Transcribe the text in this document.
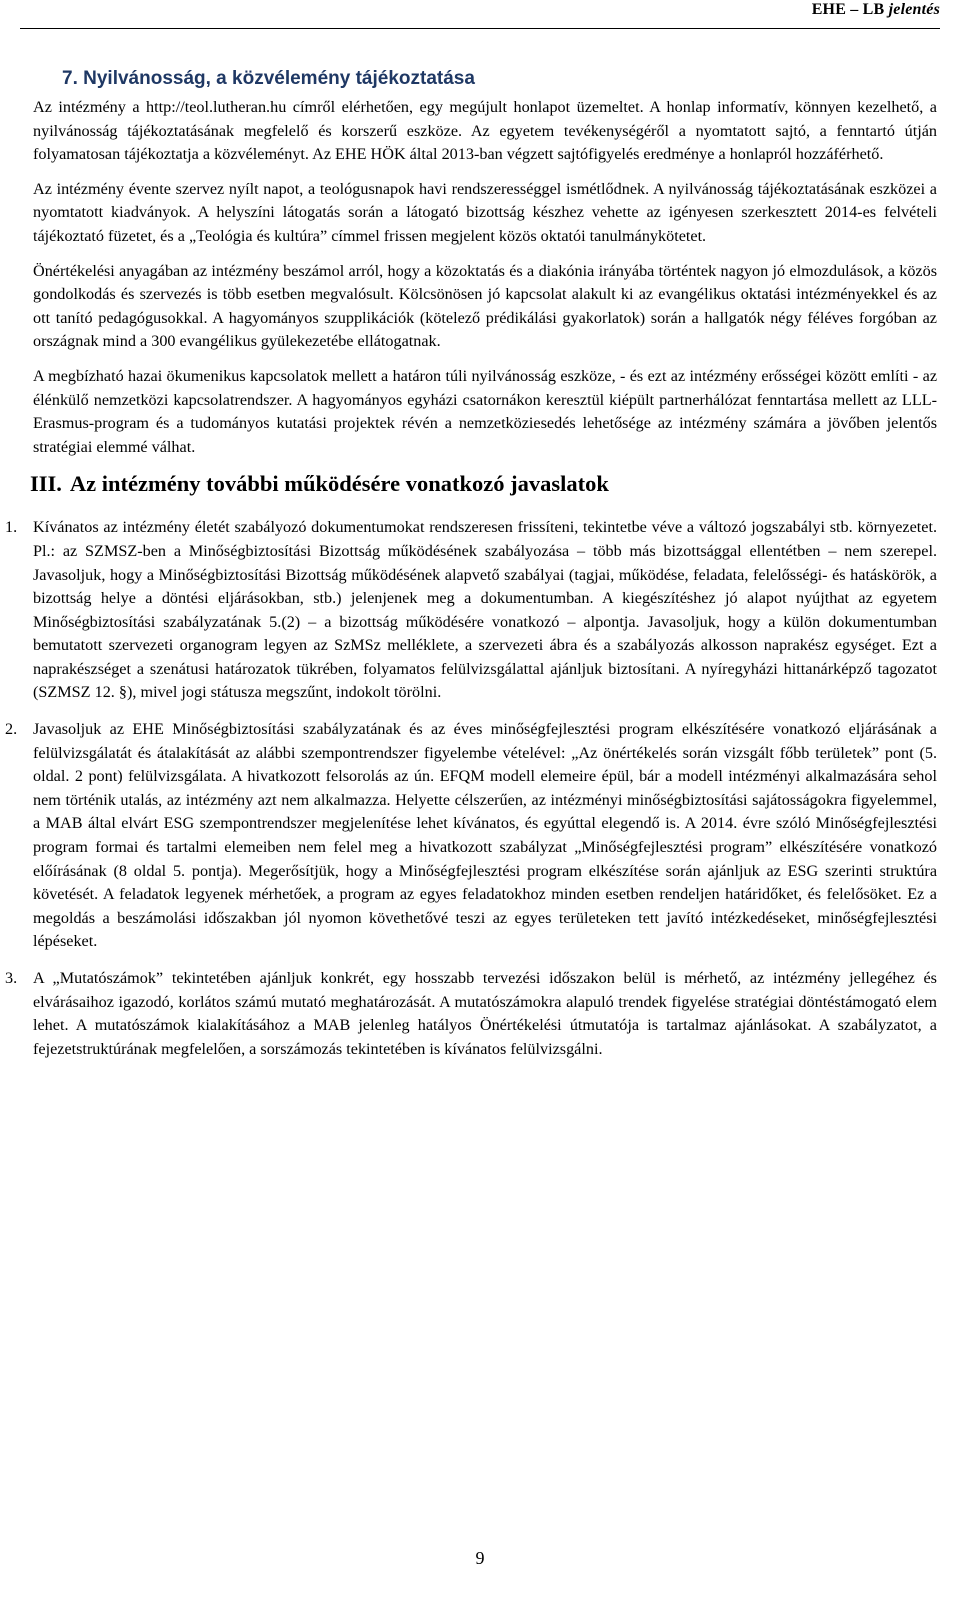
EHE – LB jelentés
7. Nyilvánosság, a közvélemény tájékoztatása

Az intézmény a http://teol.lutheran.hu címről elérhetően, egy megújult honlapot üzemeltet. A honlap informatív, könnyen kezelhető, a nyilvánosság tájékoztatásának megfelelő és korszerű eszköze. Az egyetem tevékenységéről a nyomtatott sajtó, a fenntartó útján folyamatosan tájékoztatja a közvéleményt. Az EHE HÖK által 2013-ban végzett sajtófigyelés eredménye a honlapról hozzáférhető.

Az intézmény évente szervez nyílt napot, a teológusnapok havi rendszerességgel ismétlődnek. A nyilvánosság tájékoztatásának eszközei a nyomtatott kiadványok. A helyszíni látogatás során a látogató bizottság készhez vehette az igényesen szerkesztett 2014-es felvételi tájékoztató füzetet, és a „Teológia és kultúra” címmel frissen megjelent közös oktatói tanulmánykötetet.

Önértékelési anyagában az intézmény beszámol arról, hogy a közoktatás és a diakónia irányába történtek nagyon jó elmozdulások, a közös gondolkodás és szervezés is több esetben megvalósult. Kölcsönösen jó kapcsolat alakult ki az evangélikus oktatási intézményekkel és az ott tanító pedagógusokkal. A hagyományos szupplikációk (kötelező prédikálási gyakorlatok) során a hallgatók négy féléves forgóban az országnak mind a 300 evangélikus gyülekezetébe ellátogatnak.

A megbízható hazai ökumenikus kapcsolatok mellett a határon túli nyilvánosság eszköze, - és ezt az intézmény erősségei között említi - az élénkülő nemzetközi kapcsolatrendszer. A hagyományos egyházi csatornákon keresztül kiépült partnerhálózat fenntartása mellett az LLL-Erasmus-program és a tudományos kutatási projektek révén a nemzetköziesedés lehetősége az intézmény számára a jövőben jelentős stratégiai elemmé válhat.

III. Az intézmény további működésére vonatkozó javaslatok
1. Kívánatos az intézmény életét szabályozó dokumentumokat rendszeresen frissíteni, tekintetbe véve a változó jogszabályi stb. környezetet. Pl.: az SZMSZ-ben a Minőségbiztosítási Bizottság működésének szabályozása – több más bizottsággal ellentétben – nem szerepel. Javasoljuk, hogy a Minőségbiztosítási Bizottság működésének alapvető szabályai (tagjai, működése, feladata, felelősségi- és hatáskörök, a bizottság helye a döntési eljárásokban, stb.) jelenjenek meg a dokumentumban. A kiegészítéshez jó alapot nyújthat az egyetem Minőségbiztosítási szabályzatának 5.(2) – a bizottság működésére vonatkozó – alpontja. Javasoljuk, hogy a külön dokumentumban bemutatott szervezeti organogram legyen az SzMSz melléklete, a szervezeti ábra és a szabályozás alkosson naprakész egységet. Ezt a naprakészséget a szenátusi határozatok tükrében, folyamatos felülvizsgálattal ajánljuk biztosítani. A nyíregyházi hittanárképző tagozatot (SZMSZ 12. §), mivel jogi státusza megszűnt, indokolt törölni.

2. Javasoljuk az EHE Minőségbiztosítási szabályzatának és az éves minőségfejlesztési program elkészítésére vonatkozó eljárásának a felülvizsgálatát és átalakítását az alábbi szempontrendszer figyelembe vételével: „Az önértékelés során vizsgált főbb területek” pont (5. oldal. 2 pont) felülvizsgálata. A hivatkozott felsorolás az ún. EFQM modell elemeire épül, bár a modell intézményi alkalmazására sehol nem történik utalás, az intézmény azt nem alkalmazza. Helyette célszerűen, az intézményi minőségbiztosítási sajátosságokra figyelemmel, a MAB által elvárt ESG szempontrendszer megjelenítése lehet kívánatos, és egyúttal elegendő is. A 2014. évre szóló Minőségfejlesztési program formai és tartalmi elemeiben nem felel meg a hivatkozott szabályzat „Minőségfejlesztési program” elkészítésére vonatkozó előírásának (8 oldal 5. pontja). Megerősítjük, hogy a Minőségfejlesztési program elkészítése során ajánljuk az ESG szerinti struktúra követését. A feladatok legyenek mérhetőek, a program az egyes feladatokhoz minden esetben rendeljen határidőket, és felelősöket. Ez a megoldás a beszámolási időszakban jól nyomon követhetővé teszi az egyes területeken tett javító intézkedéseket, minőségfejlesztési lépéseket.

3. A „Mutatószámok” tekintetében ajánljuk konkrét, egy hosszabb tervezési időszakon belül is mérhető, az intézmény jellegéhez és elvárásaihoz igazodó, korlátos számú mutató meghatározását. A mutatószámokra alapuló trendek figyelése stratégiai döntéstámogató elem lehet. A mutatószámok kialakításához a MAB jelenleg hatályos Önértékelési útmutatója is tartalmaz ajánlásokat. A szabályzatot, a fejezetstruktúrának megfelelően, a sorszámozás tekintetében is kívánatos felülvizsgálni.

9
